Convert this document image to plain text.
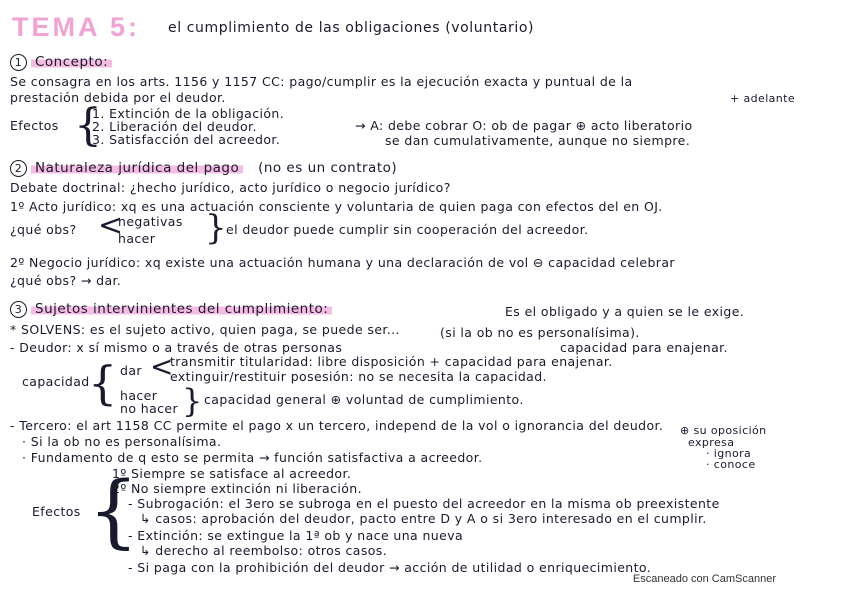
TEMA 5: el cumplimiento de las obligaciones (voluntario)
1 Concepto:
Se consagra en los arts. 1156 y 1157 CC: pago/cumplir es la ejecución exacta y puntual de la
prestación debida por el deudor.	+ adelante
Efectos {
1. Extinción de la obligación.
2. Liberación del deudor.
3. Satisfacción del acreedor.
→ A: debe cobrar O: ob de pagar ⊕ acto liberatorio
se dan cumulativamente, aunque no siempre.
2 Naturaleza jurídica del pago (no es un contrato)
Debate doctrinal: ¿hecho jurídico, acto jurídico o negocio jurídico?
1º Acto jurídico: xq es una actuación consciente y voluntaria de quien paga con efectos del en OJ.
¿qué obs? <
negativas
hacer } el deudor puede cumplir sin cooperación del acreedor.
2º Negocio jurídico: xq existe una actuación humana y una declaración de vol ⊖ capacidad celebrar
¿qué obs? → dar.
3 Sujetos intervinientes del cumplimiento:	Es el obligado y a quien se le exige.
* SOLVENS: es el sujeto activo, quien paga, se puede ser...	(si la ob no es personalísima).
- Deudor: x sí mismo o a través de otras personas	capacidad para enajenar.
capacidad
{ dar <
transmitir titularidad: libre disposición + capacidad para enajenar.
extinguir/restituir posesión: no se necesita la capacidad.
hacer
no hacer } capacidad general ⊕ voluntad de cumplimiento.
- Tercero: el art 1158 CC permite el pago x un tercero, independ de la vol o ignorancia del deudor.
· Si la ob no es personalísima.
· Fundamento de q esto se permita → función satisfactiva a acreedor.
⊕ su oposición
expresa
· ignora
· conoce
Efectos {
1º Siempre se satisface al acreedor.
2º No siempre extinción ni liberación.
- Subrogación: el 3ero se subroga en el puesto del acreedor en la misma ob preexistente
↳ casos: aprobación del deudor, pacto entre D y A o si 3ero interesado en el cumplir.
- Extinción: se extingue la 1ª ob y nace una nueva
↳ derecho al reembolso: otros casos.
- Si paga con la prohibición del deudor → acción de utilidad o enriquecimiento.
Escaneado con CamScanner
